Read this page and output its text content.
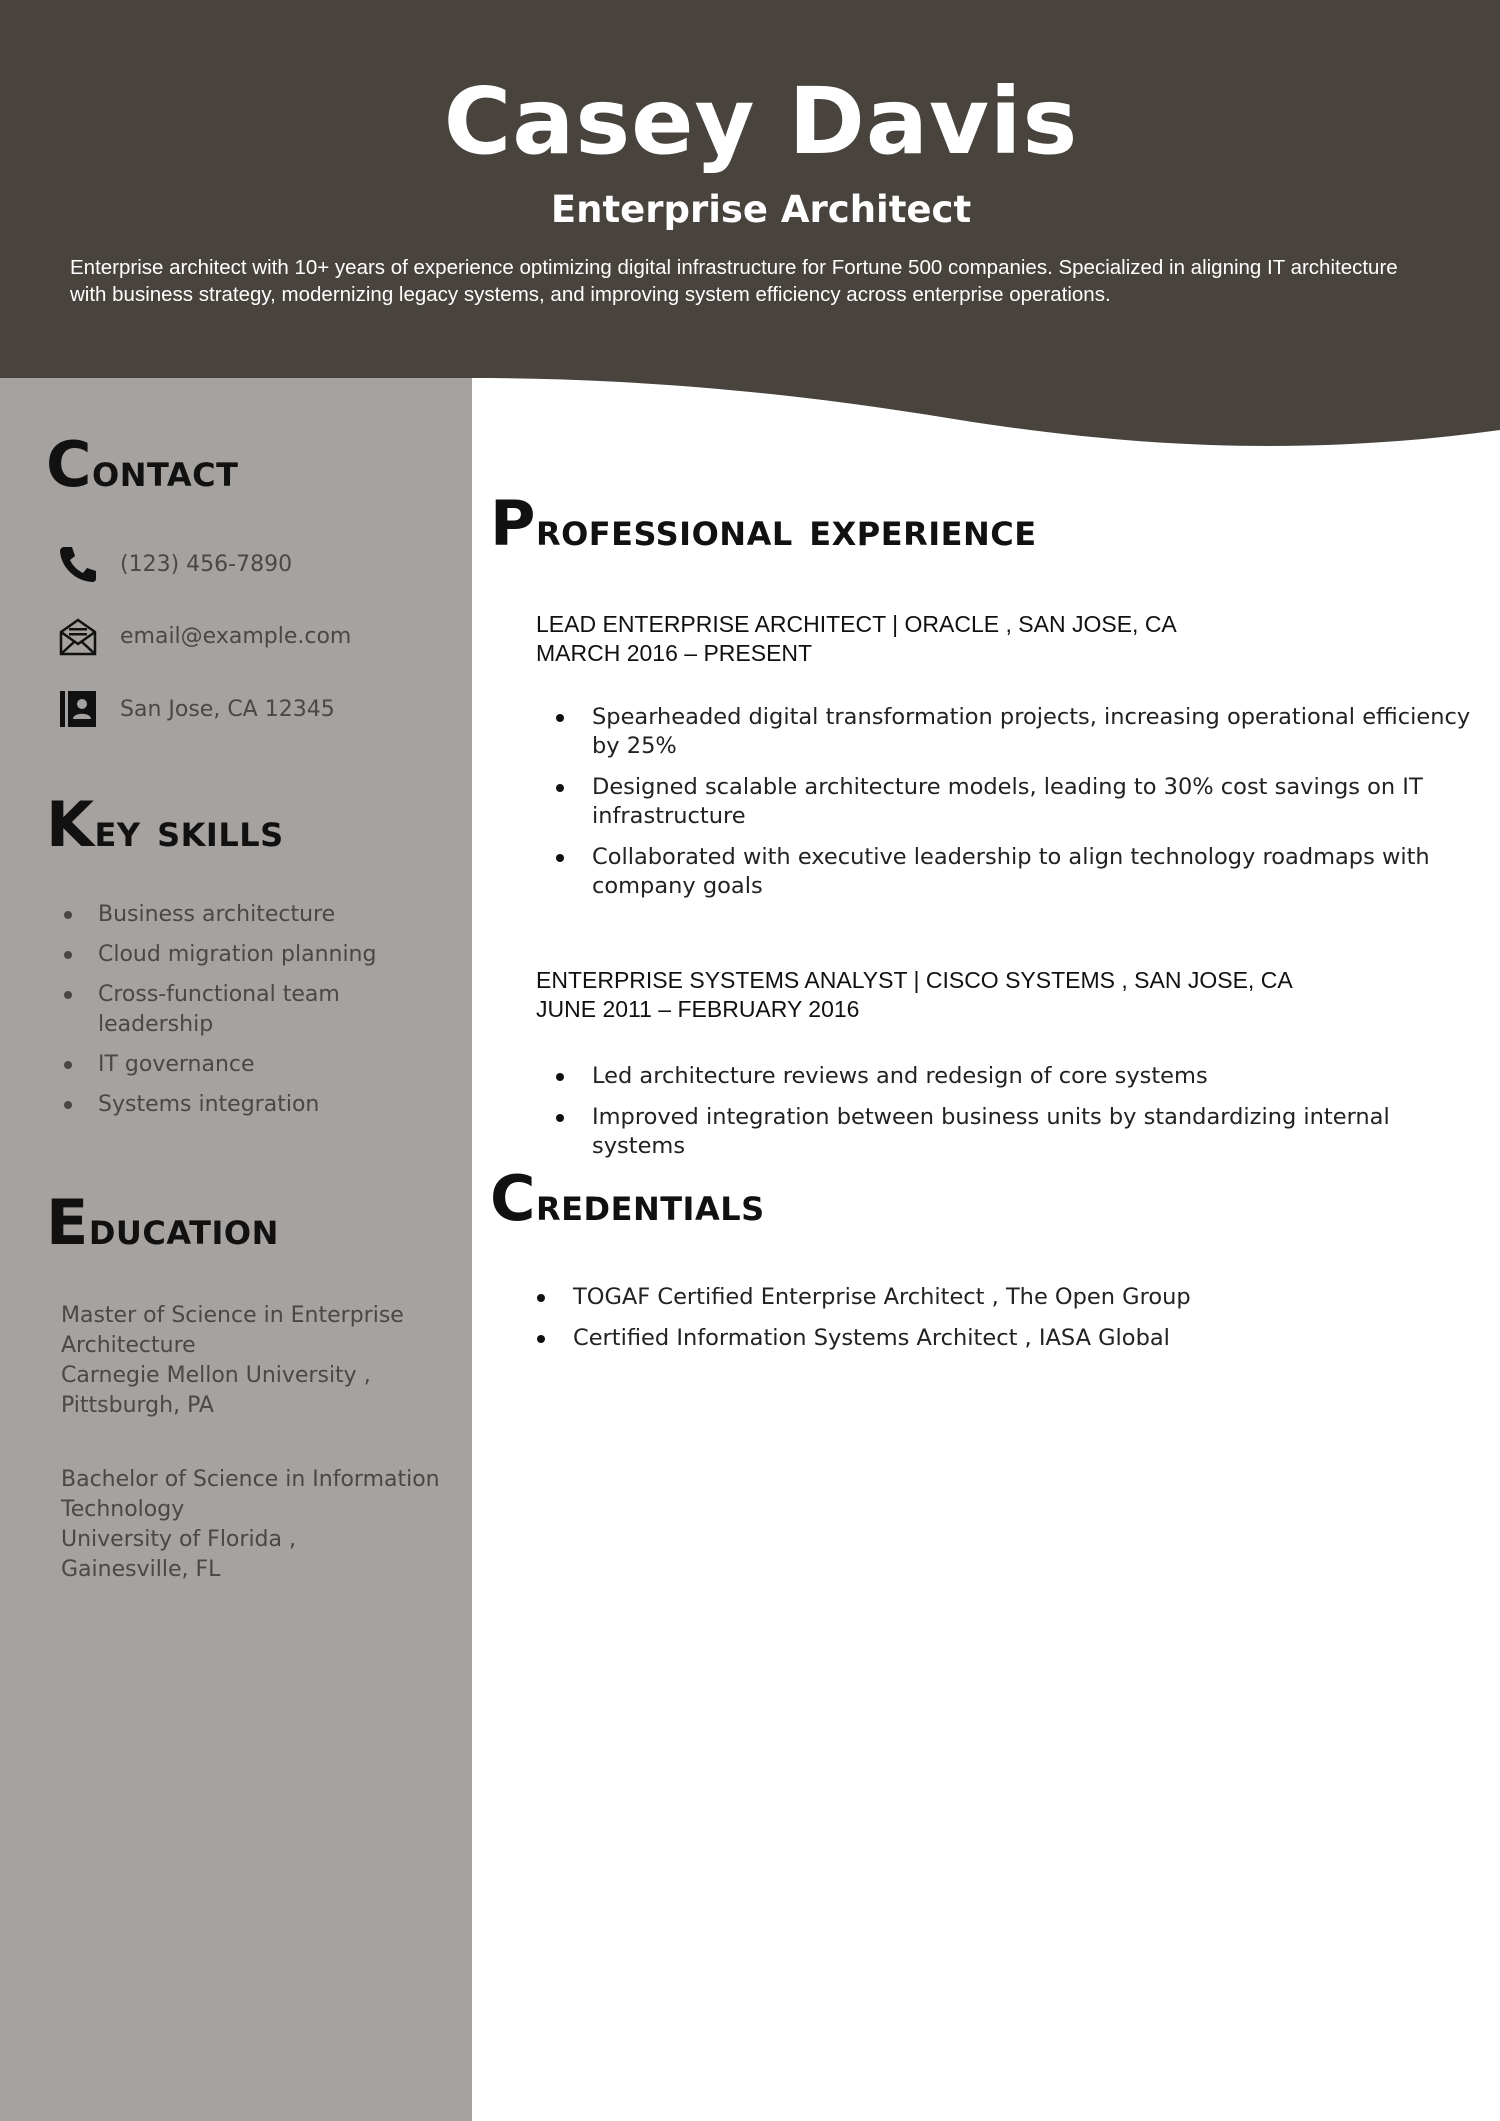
Casey Davis
Enterprise Architect
Enterprise architect with 10+ years of experience optimizing digital infrastructure for Fortune 500 companies. Specialized in aligning IT architecture with business strategy, modernizing legacy systems, and improving system efficiency across enterprise operations.
Contact
(123) 456-7890
email@example.com
San Jose, CA 12345
Key skills
Business architecture
Cloud migration planning
Cross-functional team leadership
IT governance
Systems integration
Education
Master of Science in Enterprise Architecture
Carnegie Mellon University ,
Pittsburgh, PA
Bachelor of Science in Information Technology
University of Florida ,
Gainesville, FL
Professional experience
LEAD ENTERPRISE ARCHITECT | ORACLE , SAN JOSE, CA
MARCH 2016 – PRESENT
Spearheaded digital transformation projects, increasing operational efficiency by 25%
Designed scalable architecture models, leading to 30% cost savings on IT infrastructure
Collaborated with executive leadership to align technology roadmaps with company goals
ENTERPRISE SYSTEMS ANALYST | CISCO SYSTEMS , SAN JOSE, CA
JUNE 2011 – FEBRUARY 2016
Led architecture reviews and redesign of core systems
Improved integration between business units by standardizing internal systems
Credentials
TOGAF Certified Enterprise Architect , The Open Group
Certified Information Systems Architect , IASA Global
